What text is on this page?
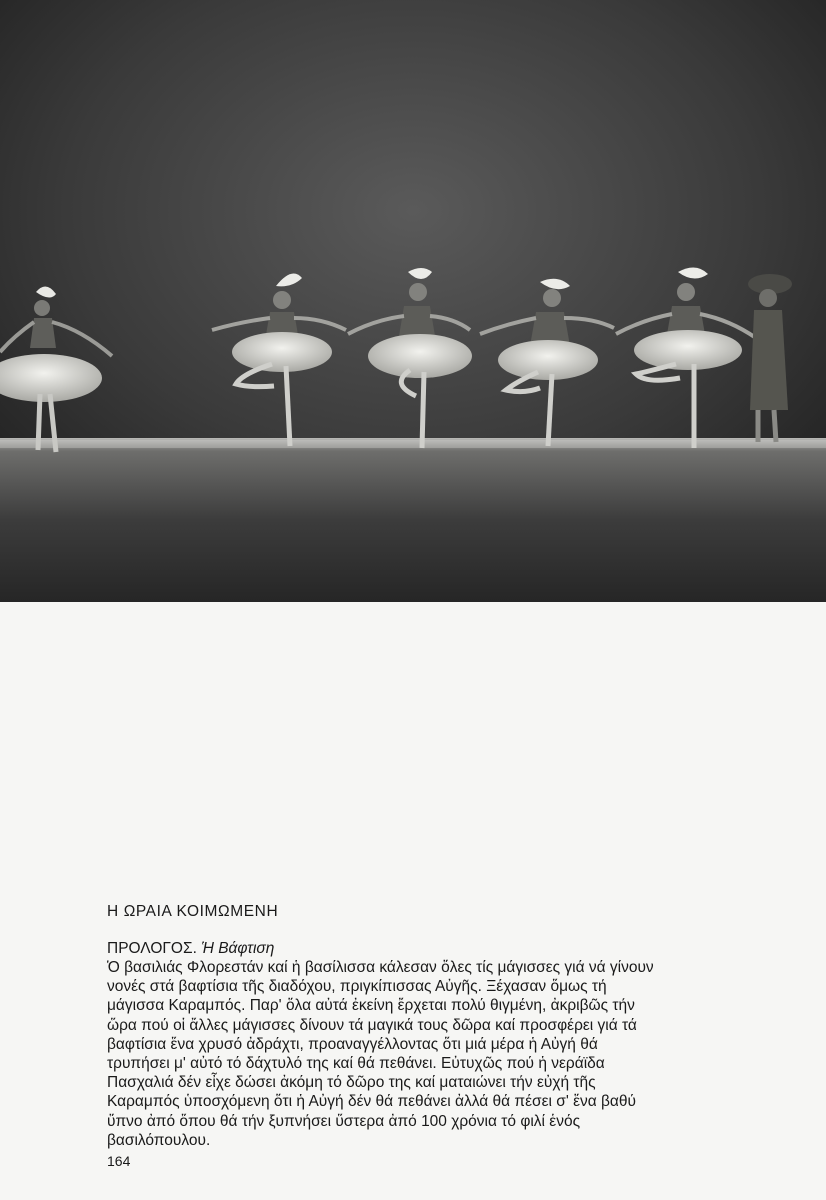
Η ΩΡΑΙΑ ΚΟΙΜΩΜΕΝΗ

ΠΡΟΛΟΓΟΣ. Ἡ Βάφτιση

Ὁ βασιλιάς Φλορεστάν καί ἡ βασίλισσα κάλεσαν ὅλες τίς μάγισσες γιά νά γίνουν
νονές στά βαφτίσια τῆς διαδόχου, πριγκίπισσας Αὐγῆς. Ξέχασαν ὅμως τή
μάγισσα Καραμπός. Παρ' ὅλα αὐτά ἐκείνη ἔρχεται πολύ θιγμένη, ἀκριβῶς τήν
ὥρα πού οἱ ἄλλες μάγισσες δίνουν τά μαγικά τους δῶρα καί προσφέρει γιά τά
βαφτίσια ἕνα χρυσό ἀδράχτι, προαναγγέλλοντας ὅτι μιά μέρα ἡ Αὐγή θά
τρυπήσει μ' αὐτό τό δάχτυλό της καί θά πεθάνει. Εὐτυχῶς πού ἡ νεράϊδα
Πασχαλιά δέν εἶχε δώσει ἀκόμη τό δῶρο της καί ματαιώνει τήν εὐχή τῆς
Καραμπός ὑποσχόμενη ὅτι ἡ Αὐγή δέν θά πεθάνει ἀλλά θά πέσει σ' ἕνα βαθύ
ὕπνο ἀπό ὅπου θά τήν ξυπνήσει ὕστερα ἀπό 100 χρόνια τό φιλί ἑνός
βασιλόπουλου.
164
